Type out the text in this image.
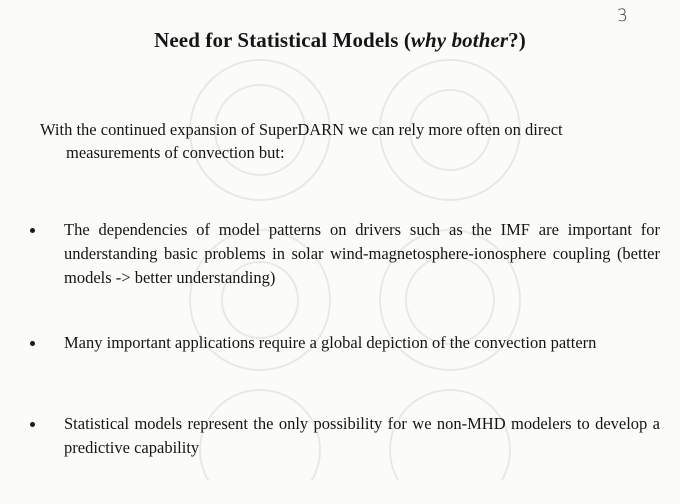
3
Need for Statistical Models (why bother?)

With the continued expansion of SuperDARN we can rely more often on direct
measurements of convection but:

The dependencies of model patterns on drivers such as the IMF are important for understanding basic problems in solar wind-magnetosphere-ionosphere coupling (better models -> better understanding)
Many important applications require a global depiction of the convection pattern
Statistical models represent the only possibility for we non-MHD modelers to develop a predictive capability
